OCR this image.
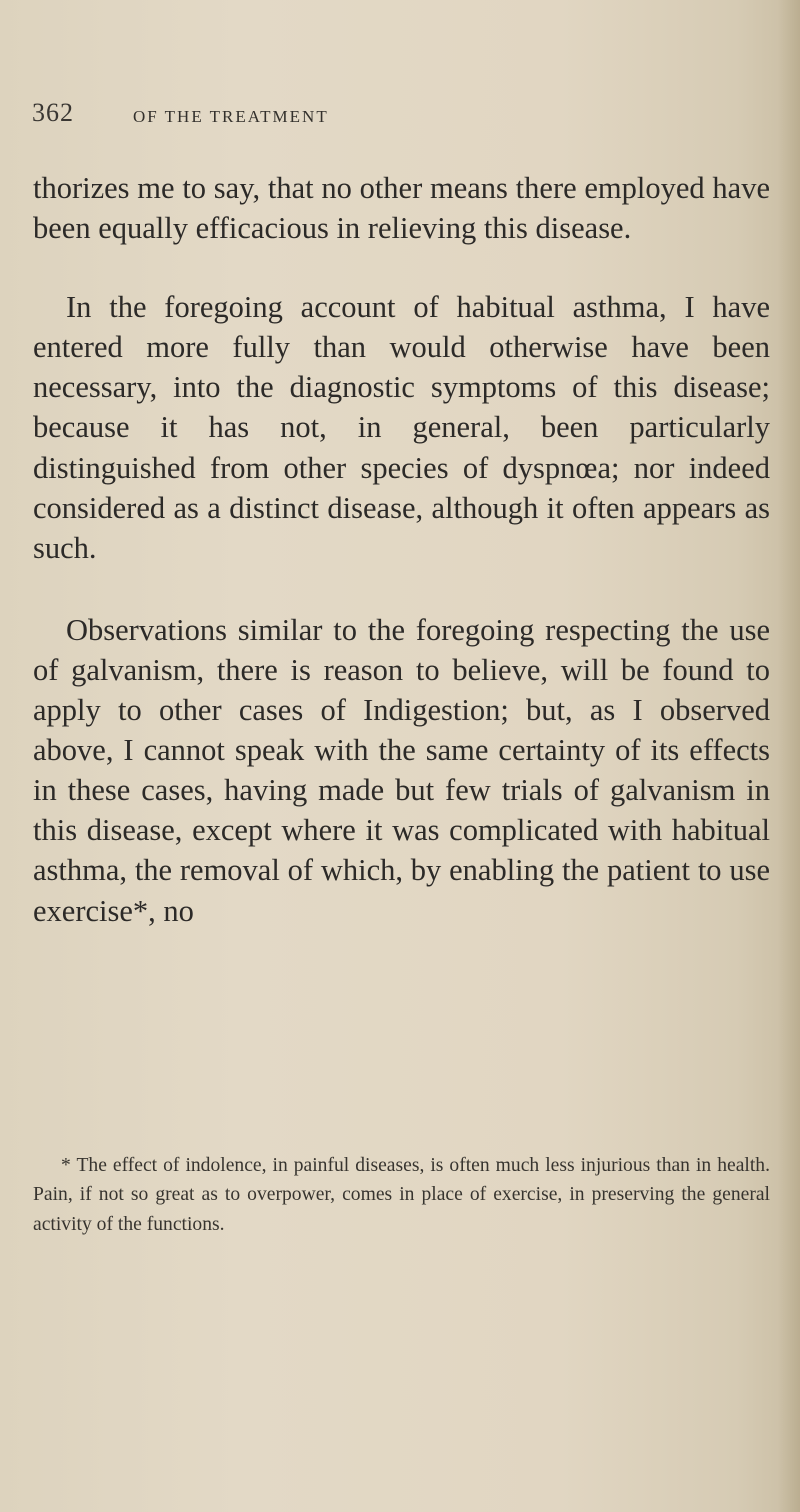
362	OF THE TREATMENT

thorizes me to say, that no other means there employed have been equally efficacious in relieving this disease.

In the foregoing account of habitual asthma, I have entered more fully than would otherwise have been necessary, into the diagnostic symptoms of this disease; because it has not, in general, been particularly distinguished from other species of dyspnœa; nor indeed considered as a distinct disease, although it often appears as such.

Observations similar to the foregoing respecting the use of galvanism, there is reason to believe, will be found to apply to other cases of Indigestion; but, as I observed above, I cannot speak with the same certainty of its effects in these cases, having made but few trials of galvanism in this disease, except where it was complicated with habitual asthma, the removal of which, by enabling the patient to use exercise*, no

* The effect of indolence, in painful diseases, is often much less injurious than in health. Pain, if not so great as to overpower, comes in place of exercise, in preserving the general activity of the functions.
